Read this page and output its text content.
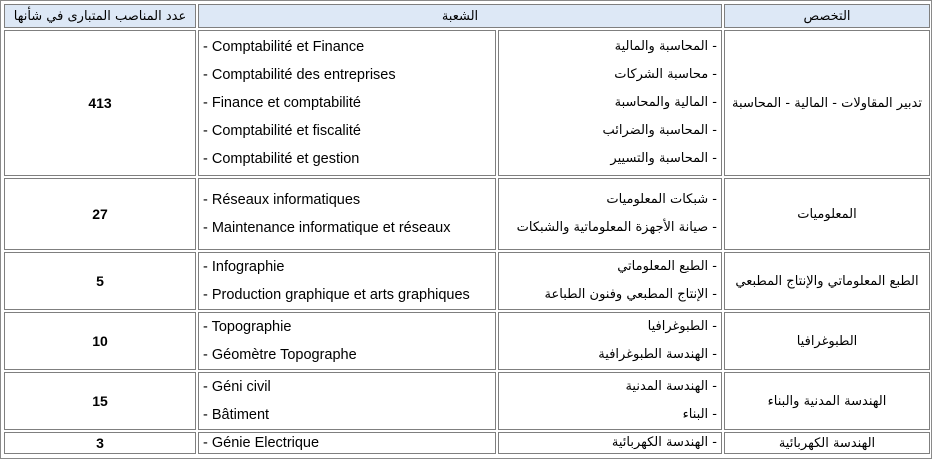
عدد المناصب المتبارى في شأنها	الشعبة		التخصص
413	- Comptabilité et Finance
- Comptabilité des entreprises
- Finance et comptabilité
- Comptabilité et fiscalité
- Comptabilité et gestion	- المحاسبة والمالية
- محاسبة الشركات
- المالية والمحاسبة
- المحاسبة والضرائب
- المحاسبة والتسيير	تدبير المقاولات - المالية - المحاسبة
27	- Réseaux informatiques
- Maintenance informatique et réseaux	- شبكات المعلوميات
- صيانة الأجهزة المعلوماتية والشبكات	المعلوميات
5	- Infographie
- Production graphique et arts graphiques	- الطبع المعلوماتي
- الإنتاج المطبعي وفنون الطباعة	الطبع المعلوماتي والإنتاج المطبعي
10	- Topographie
- Géomètre Topographe	- الطبوغرافيا
- الهندسة الطبوغرافية	الطبوغرافيا
15	- Géni civil
- Bâtiment	- الهندسة المدنية
- البناء	الهندسة المدنية والبناء
3	- Génie Electrique	- الهندسة الكهربائية	الهندسة الكهربائية
